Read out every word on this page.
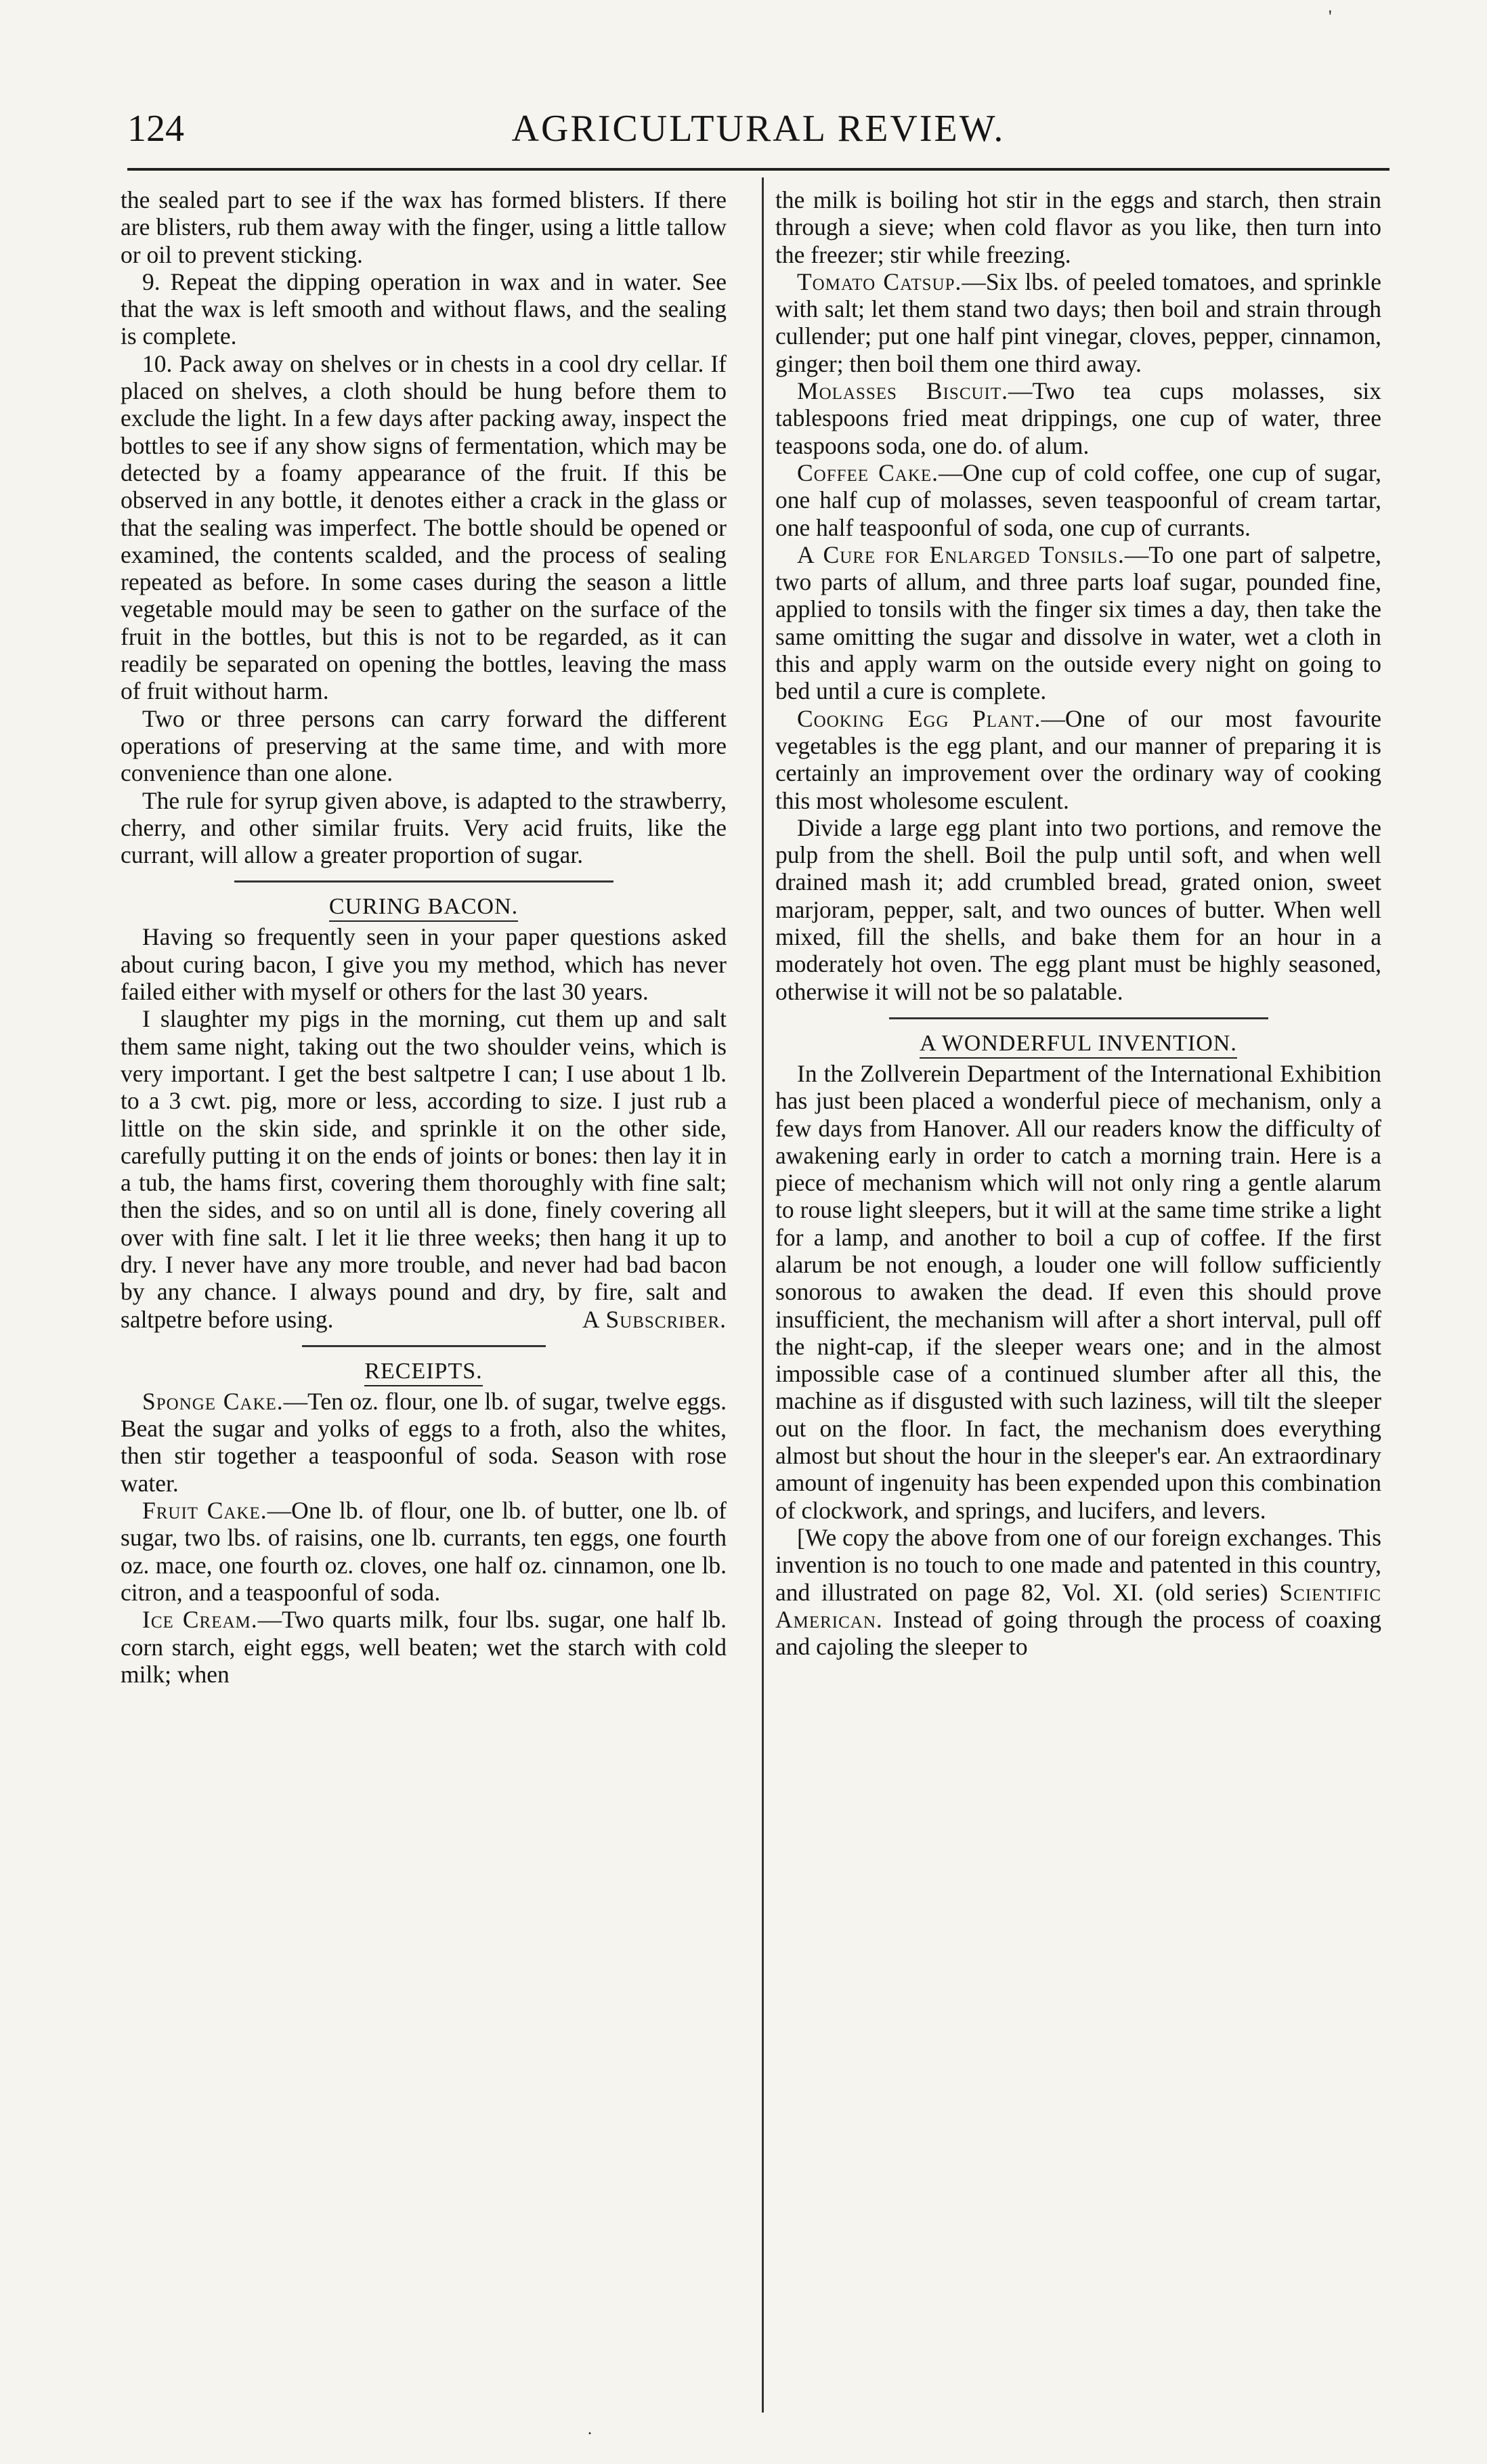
'
124	AGRICULTURAL REVIEW.

the sealed part to see if the wax has formed blisters. If there are blisters, rub them away with the finger, using a little tallow or oil to prevent sticking.

9. Repeat the dipping operation in wax and in water. See that the wax is left smooth and without flaws, and the sealing is complete.

10. Pack away on shelves or in chests in a cool dry cellar. If placed on shelves, a cloth should be hung before them to exclude the light. In a few days after packing away, inspect the bottles to see if any show signs of fermentation, which may be detected by a foamy appearance of the fruit. If this be observed in any bottle, it denotes either a crack in the glass or that the sealing was imperfect. The bottle should be opened or examined, the contents scalded, and the process of sealing repeated as before. In some cases during the season a little vegetable mould may be seen to gather on the surface of the fruit in the bottles, but this is not to be regarded, as it can readily be separated on opening the bottles, leaving the mass of fruit without harm.

Two or three persons can carry forward the different operations of preserving at the same time, and with more convenience than one alone.

The rule for syrup given above, is adapted to the strawberry, cherry, and other similar fruits. Very acid fruits, like the currant, will allow a greater proportion of sugar.

CURING BACON.

Having so frequently seen in your paper questions asked about curing bacon, I give you my method, which has never failed either with myself or others for the last 30 years.

I slaughter my pigs in the morning, cut them up and salt them same night, taking out the two shoulder veins, which is very important. I get the best saltpetre I can; I use about 1 lb. to a 3 cwt. pig, more or less, according to size. I just rub a little on the skin side, and sprinkle it on the other side, carefully putting it on the ends of joints or bones: then lay it in a tub, the hams first, covering them thoroughly with fine salt; then the sides, and so on until all is done, finely covering all over with fine salt. I let it lie three weeks; then hang it up to dry. I never have any more trouble, and never had bad bacon by any chance. I always pound and dry, by fire, salt and saltpetre before using.	A Subscriber.

RECEIPTS.

Sponge Cake.—Ten oz. flour, one lb. of sugar, twelve eggs. Beat the sugar and yolks of eggs to a froth, also the whites, then stir together a teaspoonful of soda. Season with rose water.

Fruit Cake.—One lb. of flour, one lb. of butter, one lb. of sugar, two lbs. of raisins, one lb. currants, ten eggs, one fourth oz. mace, one fourth oz. cloves, one half oz. cinnamon, one lb. citron, and a teaspoonful of soda.

Ice Cream.—Two quarts milk, four lbs. sugar, one half lb. corn starch, eight eggs, well beaten; wet the starch with cold milk; when

the milk is boiling hot stir in the eggs and starch, then strain through a sieve; when cold flavor as you like, then turn into the freezer; stir while freezing.

Tomato Catsup.—Six lbs. of peeled tomatoes, and sprinkle with salt; let them stand two days; then boil and strain through cullender; put one half pint vinegar, cloves, pepper, cinnamon, ginger; then boil them one third away.

Molasses Biscuit.—Two tea cups molasses, six tablespoons fried meat drippings, one cup of water, three teaspoons soda, one do. of alum.

Coffee Cake.—One cup of cold coffee, one cup of sugar, one half cup of molasses, seven teaspoonful of cream tartar, one half teaspoonful of soda, one cup of currants.

A Cure for Enlarged Tonsils.—To one part of salpetre, two parts of allum, and three parts loaf sugar, pounded fine, applied to tonsils with the finger six times a day, then take the same omitting the sugar and dissolve in water, wet a cloth in this and apply warm on the outside every night on going to bed until a cure is complete.

Cooking Egg Plant.—One of our most favourite vegetables is the egg plant, and our manner of preparing it is certainly an improvement over the ordinary way of cooking this most wholesome esculent.

Divide a large egg plant into two portions, and remove the pulp from the shell. Boil the pulp until soft, and when well drained mash it; add crumbled bread, grated onion, sweet marjoram, pepper, salt, and two ounces of butter. When well mixed, fill the shells, and bake them for an hour in a moderately hot oven. The egg plant must be highly seasoned, otherwise it will not be so palatable.

A WONDERFUL INVENTION.

In the Zollverein Department of the International Exhibition has just been placed a wonderful piece of mechanism, only a few days from Hanover. All our readers know the difficulty of awakening early in order to catch a morning train. Here is a piece of mechanism which will not only ring a gentle alarum to rouse light sleepers, but it will at the same time strike a light for a lamp, and another to boil a cup of coffee. If the first alarum be not enough, a louder one will follow sufficiently sonorous to awaken the dead. If even this should prove insufficient, the mechanism will after a short interval, pull off the night-cap, if the sleeper wears one; and in the almost impossible case of a continued slumber after all this, the machine as if disgusted with such laziness, will tilt the sleeper out on the floor. In fact, the mechanism does everything almost but shout the hour in the sleeper's ear. An extraordinary amount of ingenuity has been expended upon this combination of clockwork, and springs, and lucifers, and levers.

[We copy the above from one of our foreign exchanges. This invention is no touch to one made and patented in this country, and illustrated on page 82, Vol. XI. (old series) Scientific American. Instead of going through the process of coaxing and cajoling the sleeper to

.
